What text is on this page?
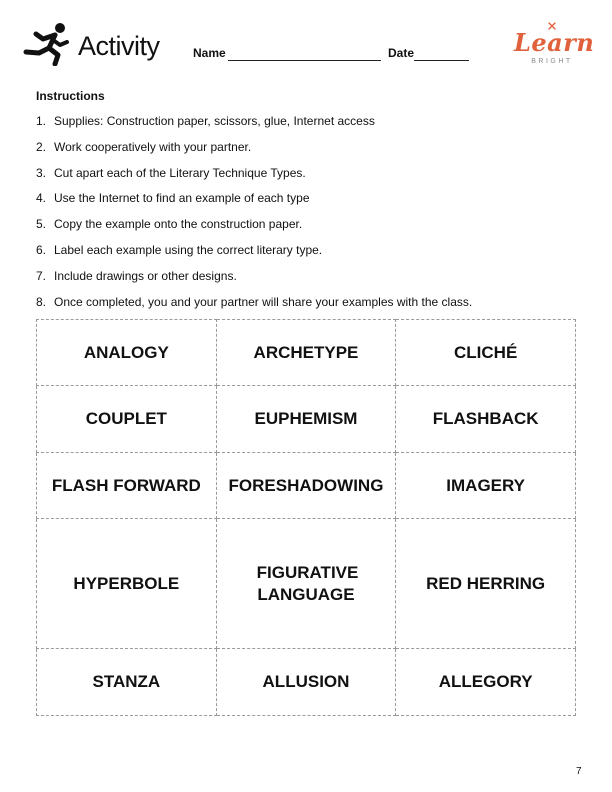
Activity	Name	Date	Learn
BRIGHT
Instructions
1. Supplies: Construction paper, scissors, glue, Internet access
2. Work cooperatively with your partner.
3. Cut apart each of the Literary Technique Types.
4. Use the Internet to find an example of each type
5. Copy the example onto the construction paper.
6. Label each example using the correct literary type.
7. Include drawings or other designs.
8. Once completed, you and your partner will share your examples with the class.
ANALOGY	ARCHETYPE	CLICHÉ
COUPLET	EUPHEMISM	FLASHBACK
FLASH FORWARD	FORESHADOWING	IMAGERY
HYPERBOLE	FIGURATIVE LANGUAGE	RED HERRING
STANZA	ALLUSION	ALLEGORY
7
